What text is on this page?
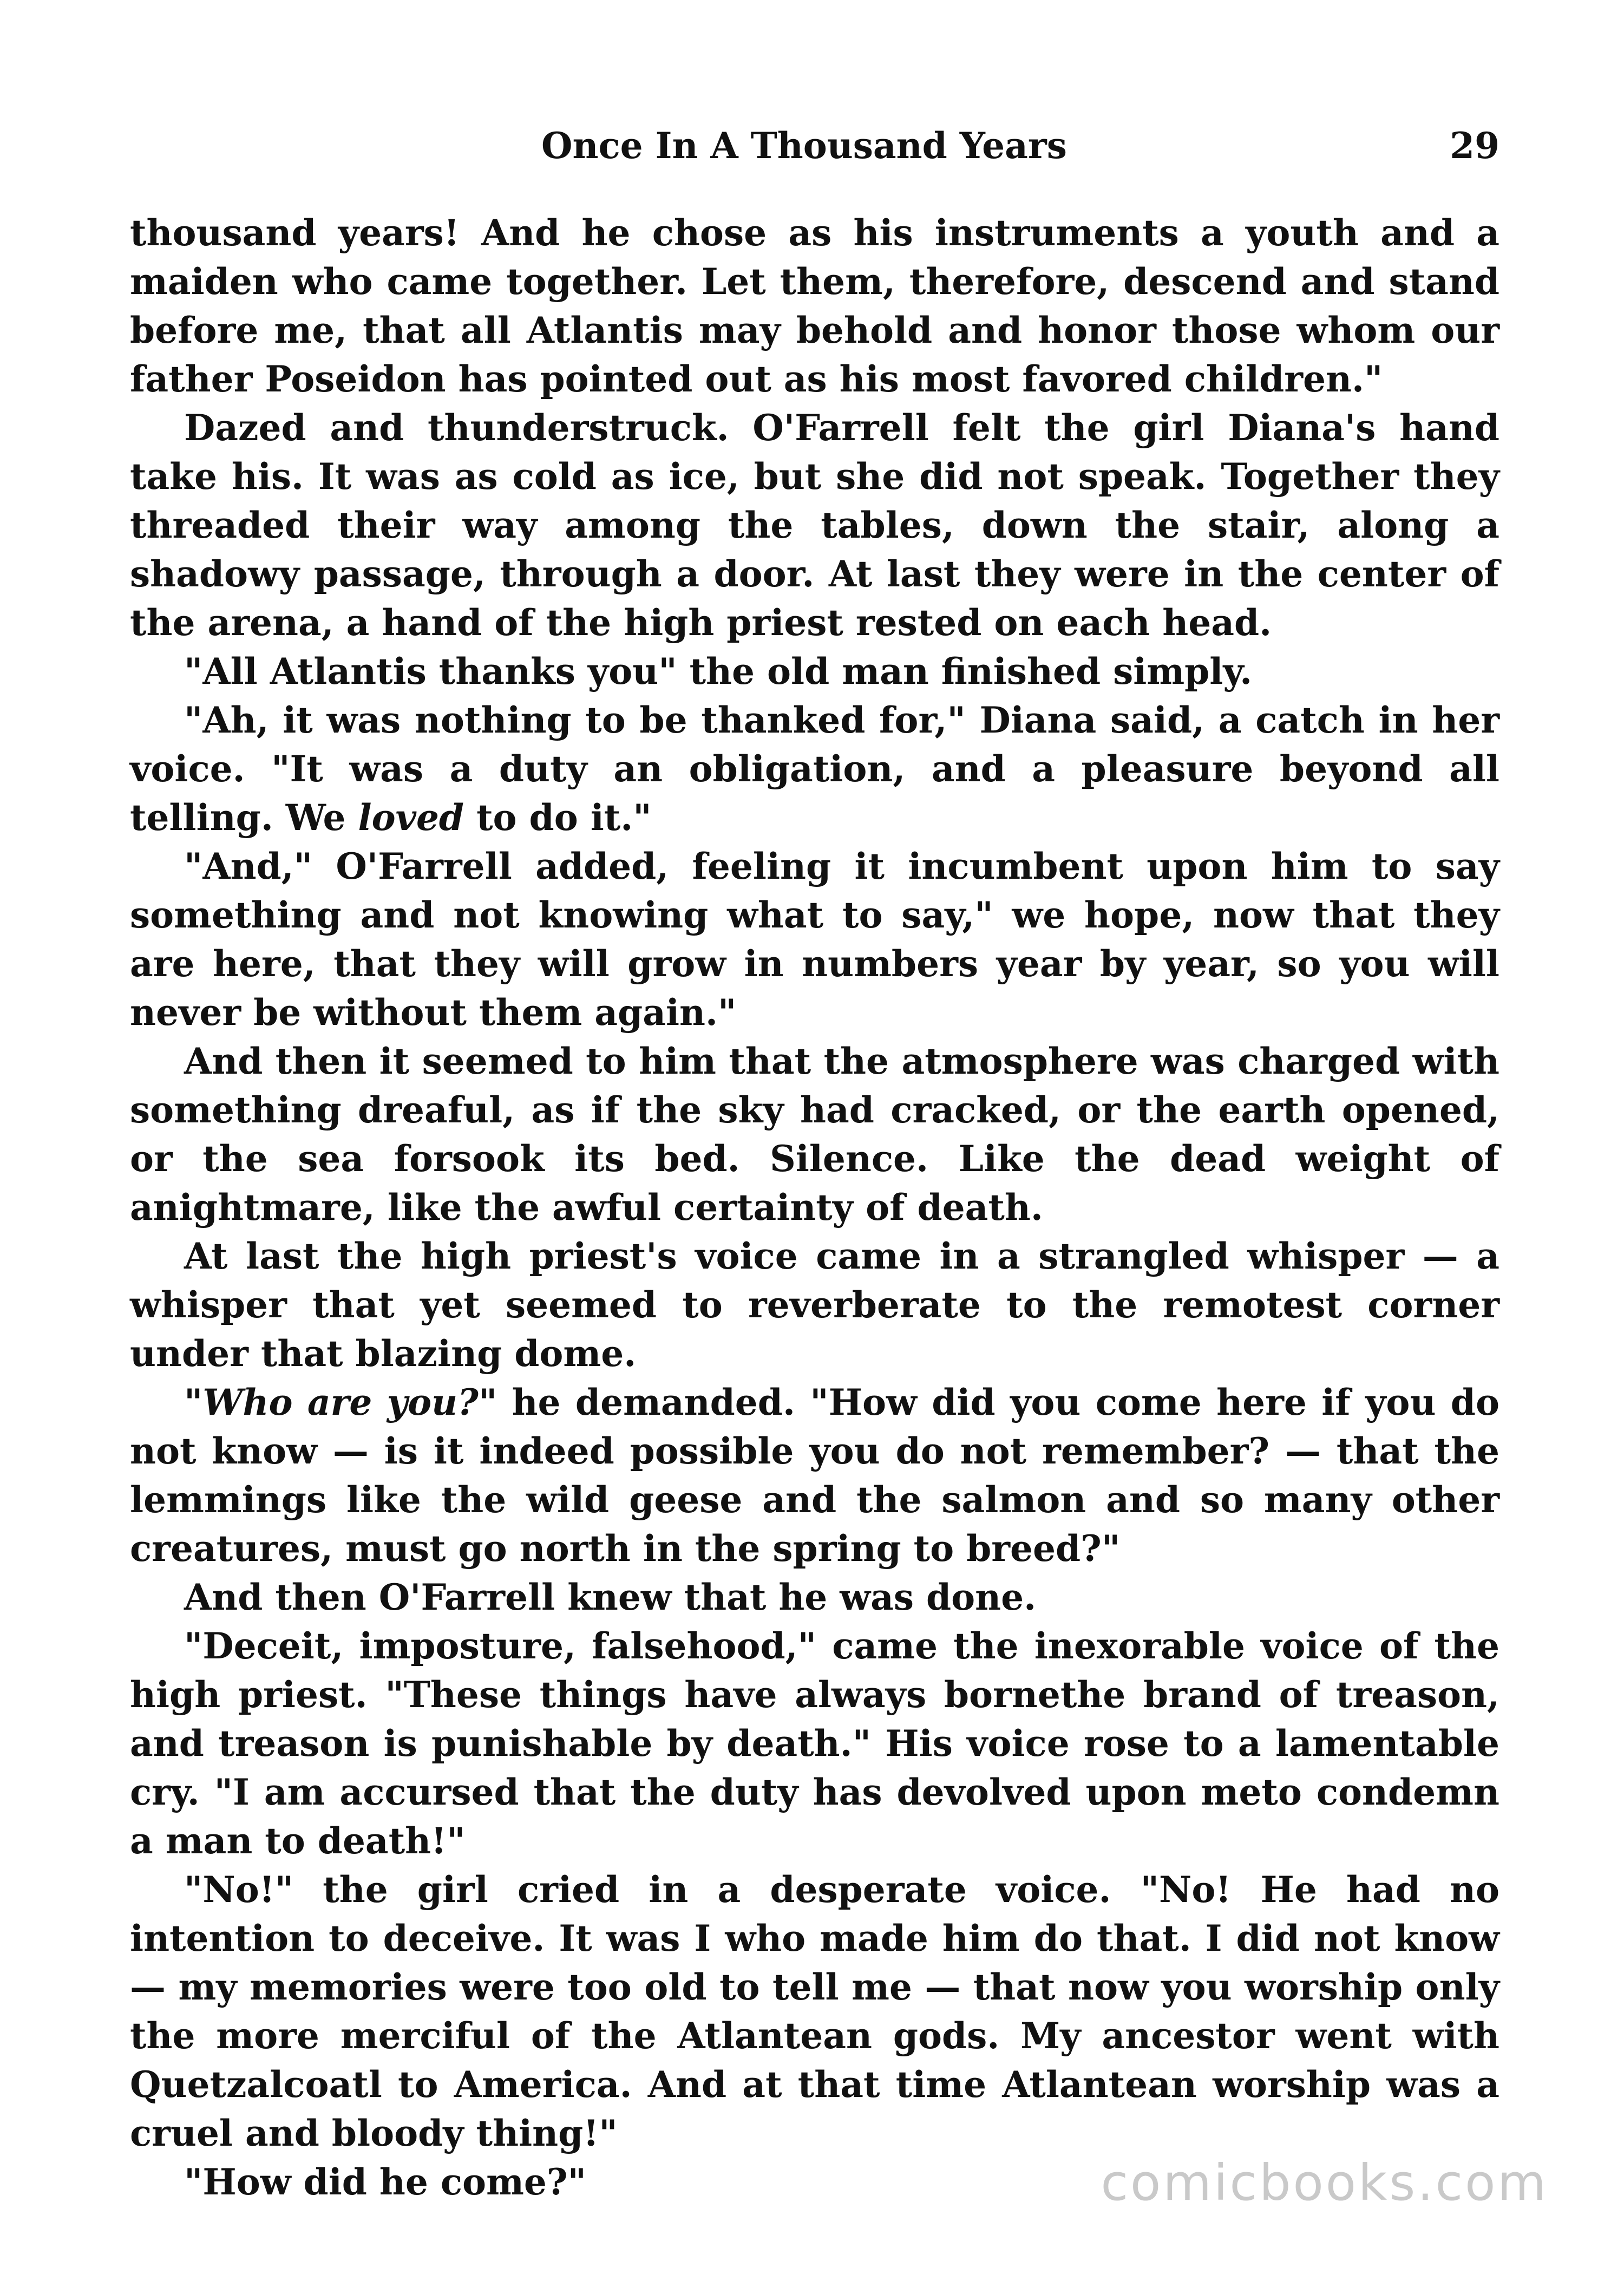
Once In A Thousand Years	29

thousand years! And he chose as his instruments a youth and a maiden who came together. Let them, therefore, descend and stand before me, that all Atlantis may behold and honor those whom our father Poseidon has pointed out as his most favored children."

Dazed and thunderstruck. O'Farrell felt the girl Diana's hand take his. It was as cold as ice, but she did not speak. Together they threaded their way among the tables, down the stair, along a shadowy passage, through a door. At last they were in the center of the arena, a hand of the high priest rested on each head.

"All Atlantis thanks you" the old man finished simply.

"Ah, it was nothing to be thanked for," Diana said, a catch in her voice. "It was a duty an obligation, and a pleasure beyond all telling. We loved to do it."

"And," O'Farrell added, feeling it incumbent upon him to say something and not knowing what to say," we hope, now that they are here, that they will grow in numbers year by year, so you will never be without them again."

And then it seemed to him that the atmosphere was charged with something dreaful, as if the sky had cracked, or the earth opened, or the sea forsook its bed. Silence. Like the dead weight of anightmare, like the awful certainty of death.

At last the high priest's voice came in a strangled whisper — a whisper that yet seemed to reverberate to the remotest corner under that blazing dome.

"Who are you?" he demanded. "How did you come here if you do not know — is it indeed possible you do not remember? — that the lemmings like the wild geese and the salmon and so many other creatures, must go north in the spring to breed?"

And then O'Farrell knew that he was done.

"Deceit, imposture, falsehood," came the inexorable voice of the high priest. "These things have always bornethe brand of treason, and treason is punishable by death." His voice rose to a lamentable cry. "I am accursed that the duty has devolved upon meto condemn a man to death!"

"No!" the girl cried in a desperate voice. "No! He had no intention to deceive. It was I who made him do that. I did not know — my memories were too old to tell me — that now you worship only the more merciful of the Atlantean gods. My ancestor went with Quetzalcoatl to America. And at that time Atlantean worship was a cruel and bloody thing!"

"How did he come?"	comicbooks.com
